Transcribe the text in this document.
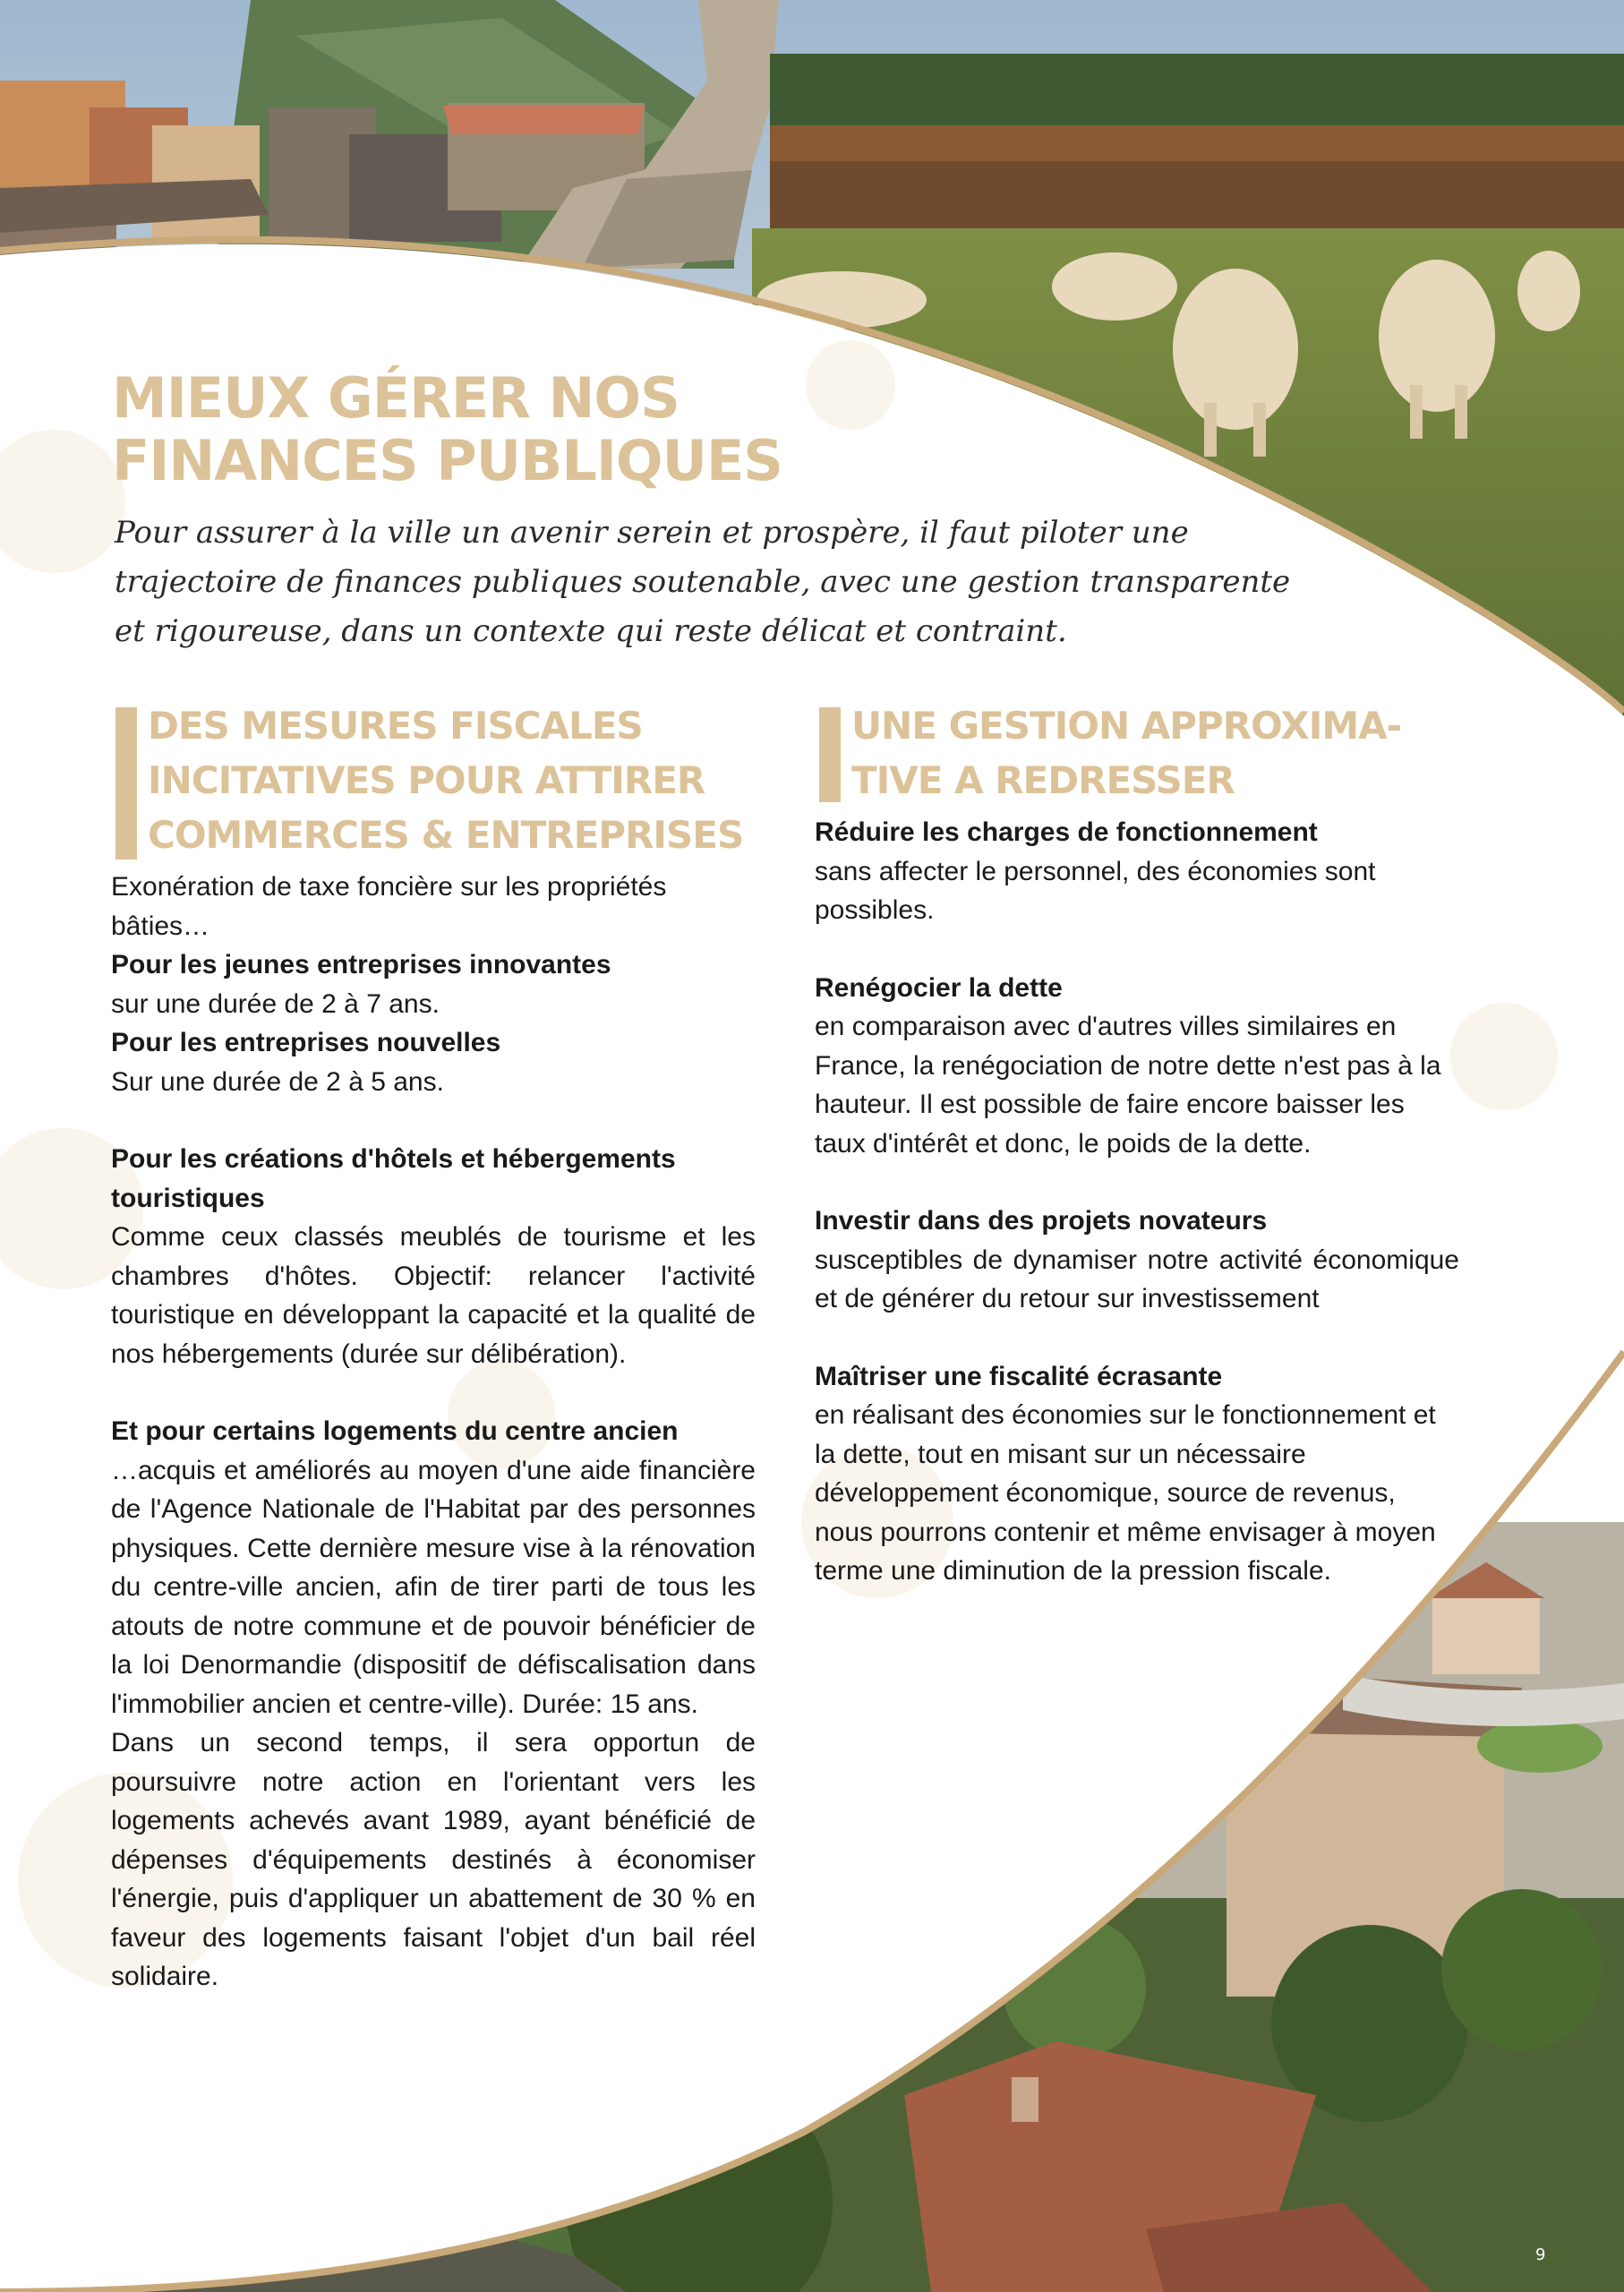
MIEUX GÉRER NOS
FINANCES PUBLIQUES

Pour assurer à la ville un avenir serein et prospère, il faut piloter une
trajectoire de finances publiques soutenable, avec une gestion transparente
et rigoureuse, dans un contexte qui reste délicat et contraint.

DES MESURES FISCALES
INCITATIVES POUR ATTIRER
COMMERCES & ENTREPRISES

Exonération de taxe foncière sur les propriétés bâties…

Pour les jeunes entreprises innovantes
sur une durée de 2 à 7 ans.

Pour les entreprises nouvelles
Sur une durée de 2 à 5 ans.

Pour les créations d'hôtels et hébergements touristiques
Comme ceux classés meublés de tourisme et les chambres d'hôtes. Objectif: relancer l'activité touristique en développant la capacité et la qualité de nos hébergements (durée sur délibération).

Et pour certains logements du centre ancien
…acquis et améliorés au moyen d'une aide financière de l'Agence Nationale de l'Habitat par des personnes physiques. Cette dernière mesure vise à la rénovation du centre-ville ancien, afin de tirer parti de tous les atouts de notre commune et de pouvoir bénéficier de la loi Denormandie (dispositif de défiscalisation dans l'immobilier ancien et centre-ville). Durée: 15 ans.

Dans un second temps, il sera opportun de poursuivre notre action en l'orientant vers les logements achevés avant 1989, ayant bénéficié de dépenses d'équipements destinés à économiser l'énergie, puis d'appliquer un abattement de 30 % en faveur des logements faisant l'objet d'un bail réel solidaire.

UNE GESTION APPROXIMA-
TIVE A REDRESSER

Réduire les charges de fonctionnement
sans affecter le personnel, des économies sont possibles.

Renégocier la dette
en comparaison avec d'autres villes similaires en France, la renégociation de notre dette n'est pas à la hauteur. Il est possible de faire encore baisser les taux d'intérêt et donc, le poids de la dette.

Investir dans des projets novateurs
susceptibles de dynamiser notre activité économique et de générer du retour sur investissement

Maîtriser une fiscalité écrasante
en réalisant des économies sur le fonctionnement et la dette, tout en misant sur un nécessaire développement économique, source de revenus, nous pourrons contenir et même envisager à moyen terme une diminution de la pression fiscale.

9
